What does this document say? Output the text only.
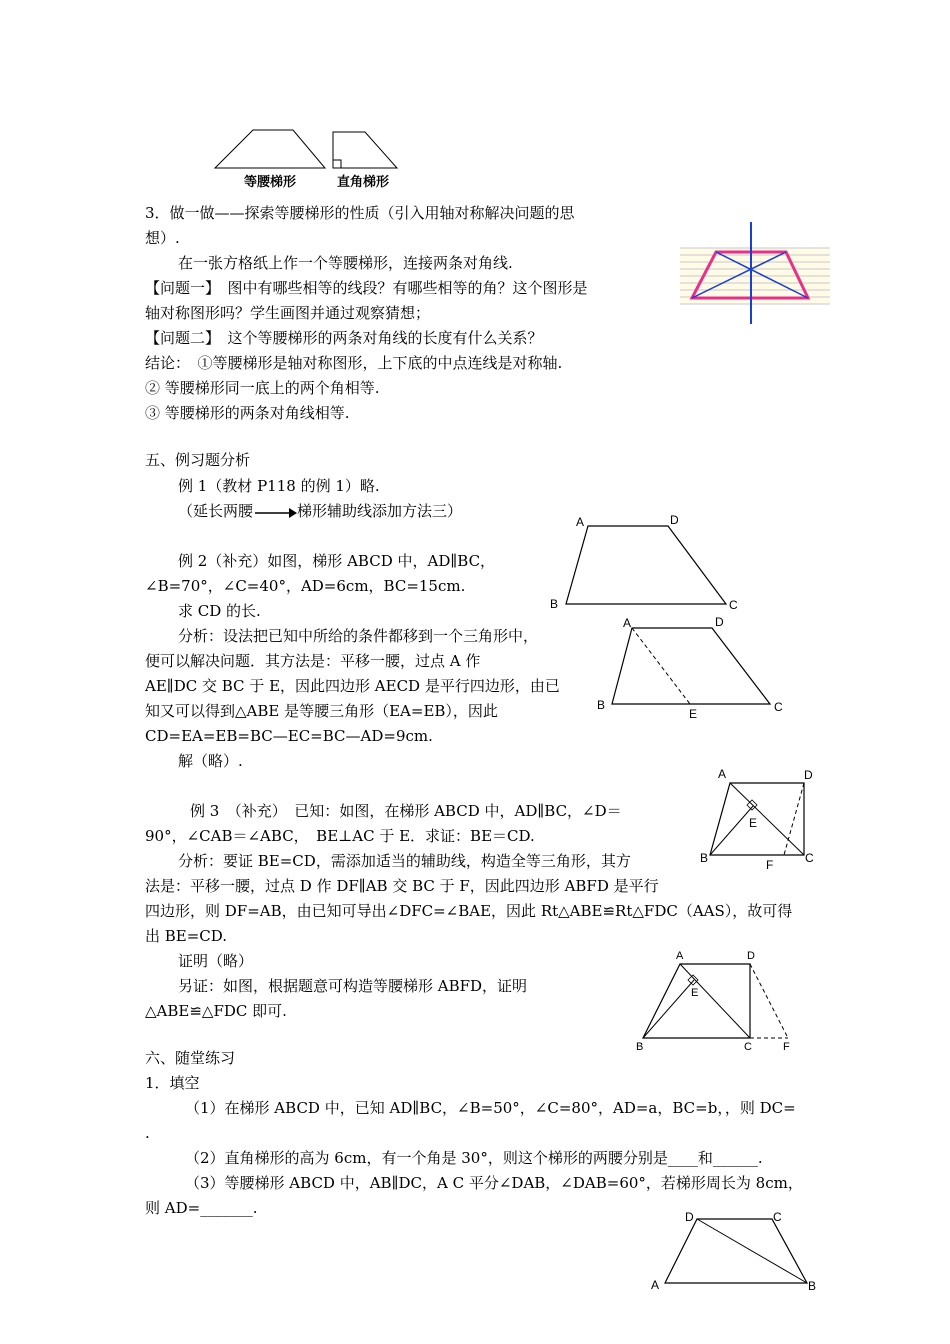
等腰梯形	直角梯形
3．做一做——探索等腰梯形的性质（引入用轴对称解决问题的思
想）.
在一张方格纸上作一个等腰梯形，连接两条对角线.
【问题一】　图中有哪些相等的线段？有哪些相等的角？这个图形是
轴对称图形吗？学生画图并通过观察猜想；
【问题二】　这个等腰梯形的两条对角线的长度有什么关系？
结论：　①等腰梯形是轴对称图形，上下底的中点连线是对称轴.
② 等腰梯形同一底上的两个角相等.
③ 等腰梯形的两条对角线相等.
五、例习题分析
例 1（教材 P118 的例 1）略.
（延长两腰	梯形辅助线添加方法三）
例 2（补充）如图，梯形 ABCD 中，AD∥BC，
∠B=70°，∠C=40°，AD=6cm，BC=15cm.
求 CD 的长.
分析：设法把已知中所给的条件都移到一个三角形中，
便可以解决问题．其方法是：平移一腰，过点 A 作
AE∥DC 交 BC 于 E，因此四边形 AECD 是平行四边形，由已
知又可以得到△ABE 是等腰三角形（EA=EB），因此
CD=EA=EB=BC—EC=BC—AD=9cm.
解（略）.
A	D
B	C
A	D
B
E	C
例 3　（补充）　已知：如图，在梯形 ABCD 中，AD∥BC，∠D＝
90°，∠CAB＝∠ABC，　BE⊥AC 于 E．求证：BE＝CD.
分析：要证 BE=CD，需添加适当的辅助线，构造全等三角形，其方
法是：平移一腰，过点 D 作 DF∥AB 交 BC 于 F，因此四边形 ABFD 是平行
四边形，则 DF=AB，由已知可导出∠DFC=∠BAE，因此 Rt△ABE≌Rt△FDC（AAS），故可得
出 BE=CD.
证明（略）
另证：如图，根据题意可构造等腰梯形 ABFD，证明
△ABE≌△FDC 即可.
A	D
E
B	F	C
A	D
E
B	C	F
六、随堂练习
1．填空
（1）在梯形 ABCD 中，已知 AD∥BC，∠B=50°，∠C=80°，AD=a，BC=b，，则 DC=
.
（2）直角梯形的高为 6cm，有一个角是 30°，则这个梯形的两腰分别是____和______.
（3）等腰梯形 ABCD 中，AB∥DC，A C 平分∠DAB，∠DAB=60°，若梯形周长为 8cm，
则 AD=_______.	D	C
A	B
